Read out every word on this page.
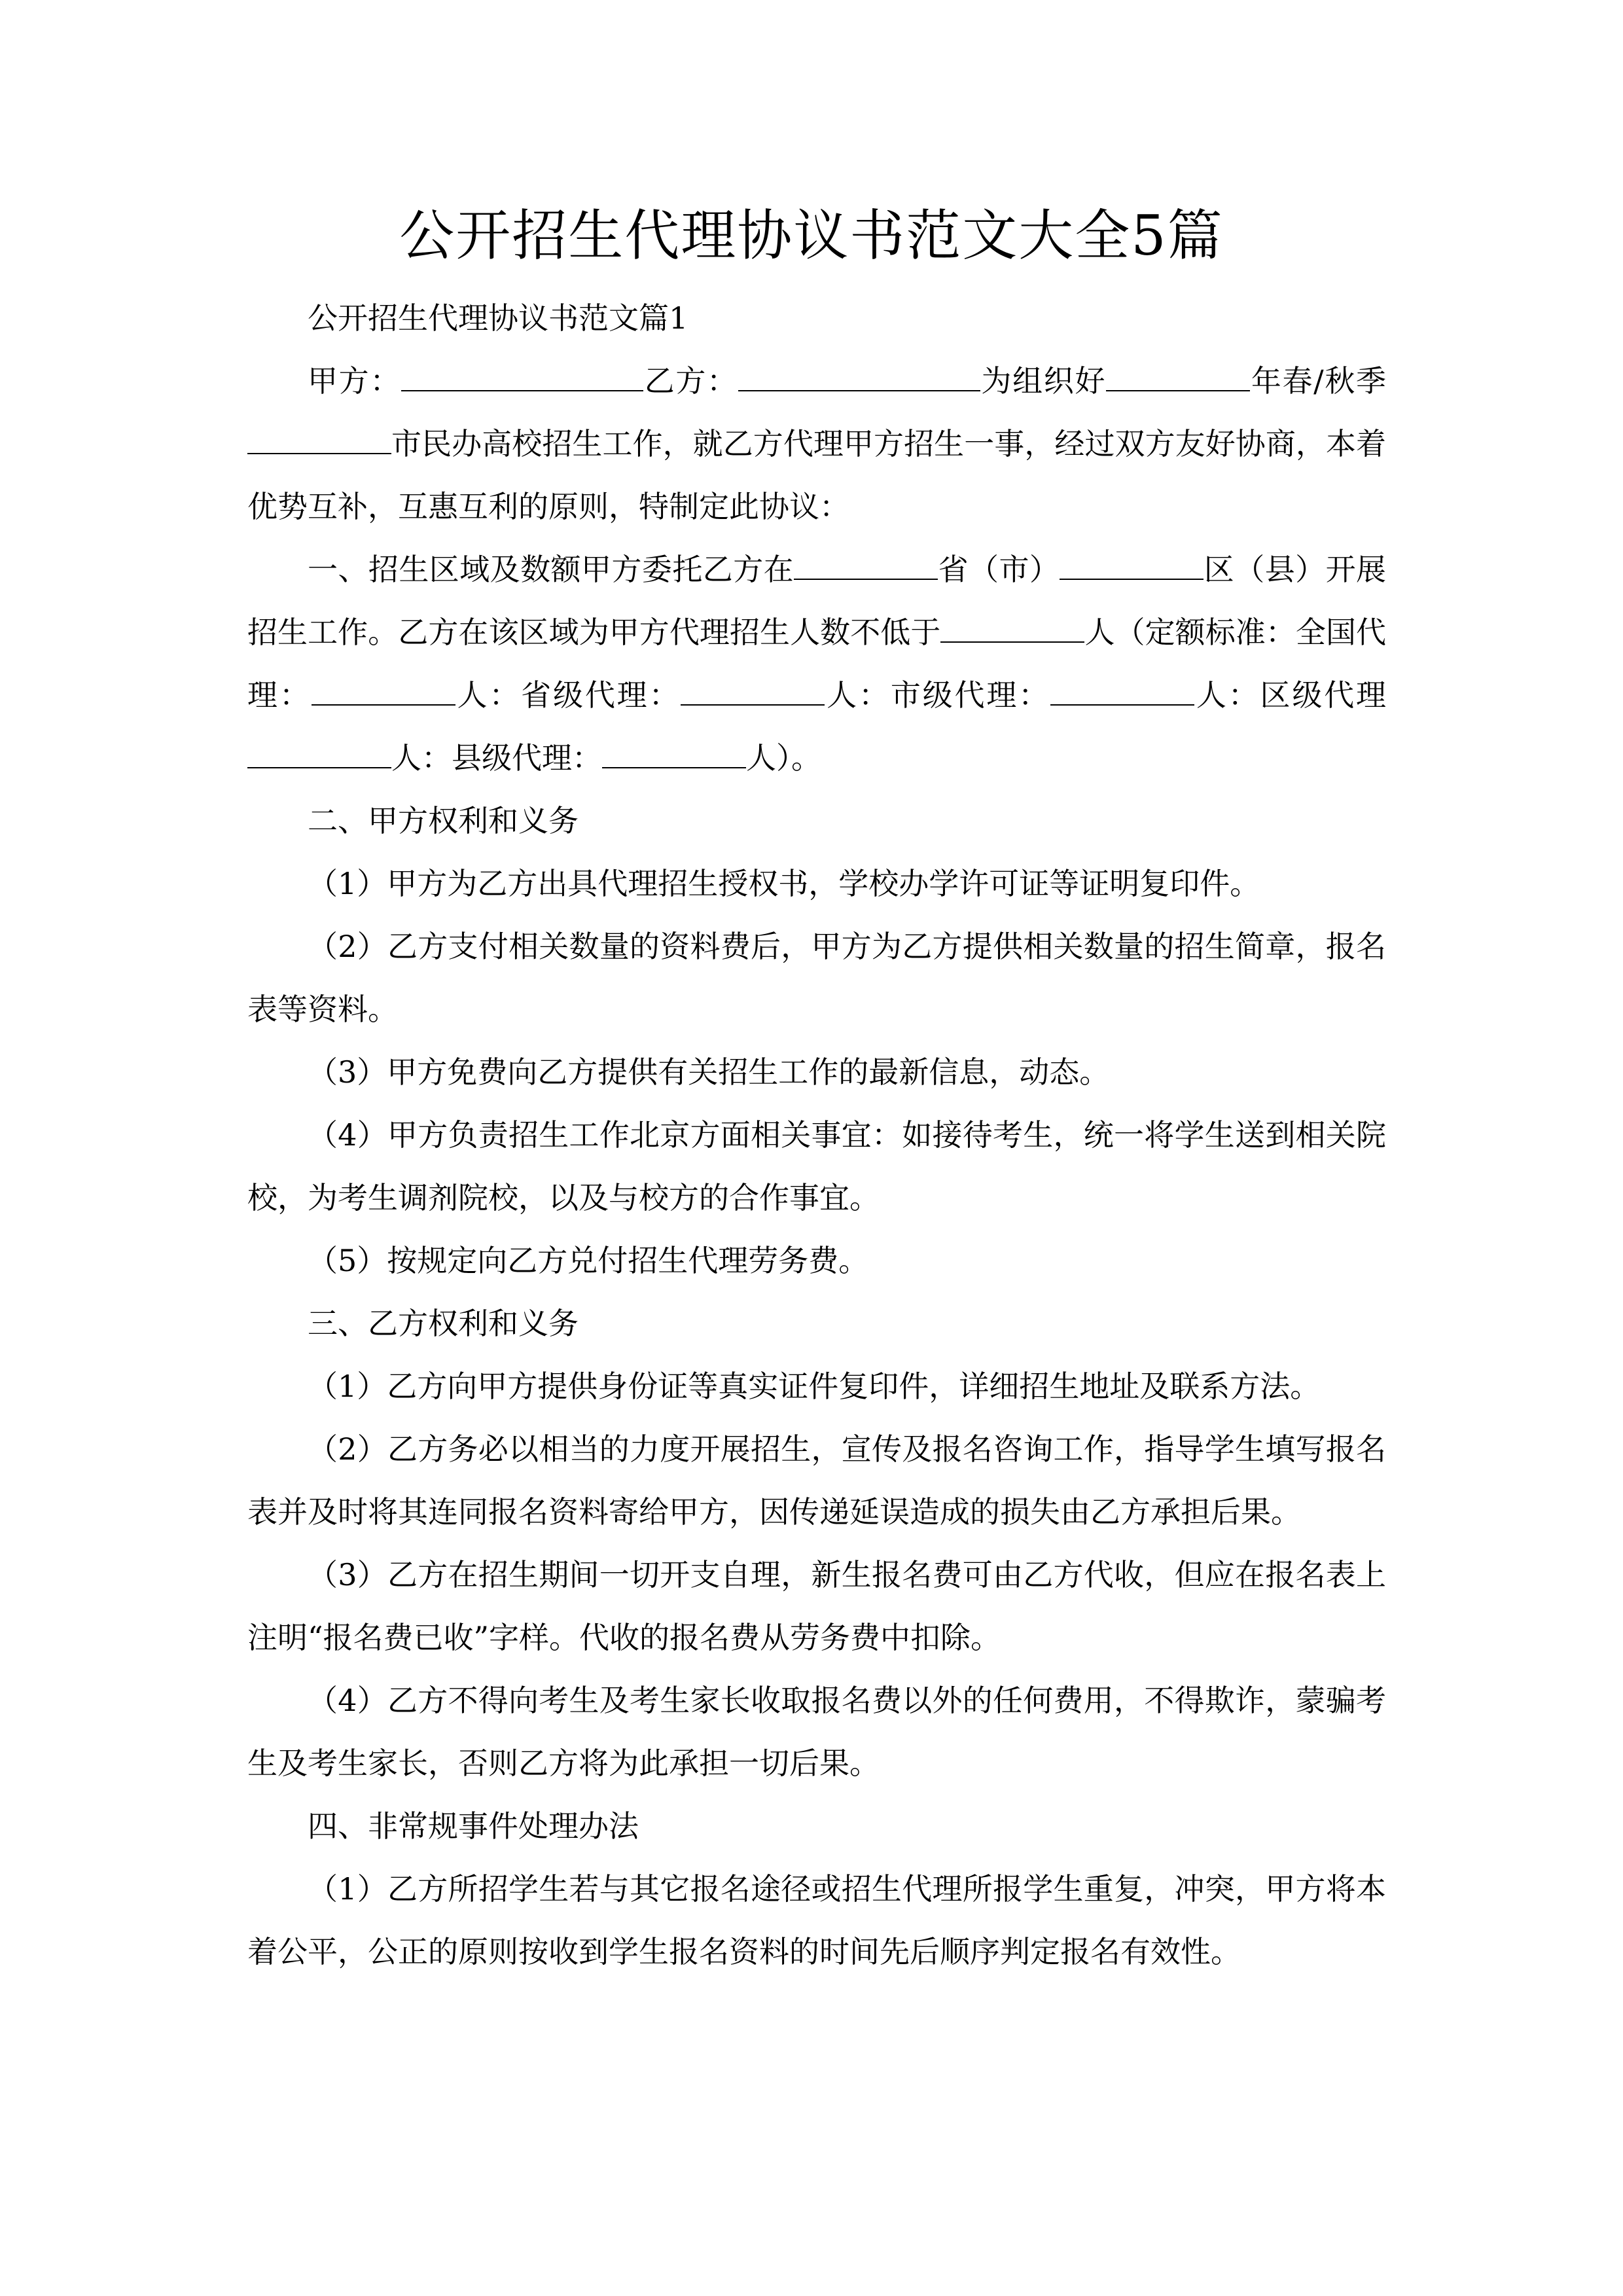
公开招生代理协议书范文大全5篇

公开招生代理协议书范文篇1

甲方：	乙方：	为组织好	年春/秋季市民办高校招生工作，就乙方代理甲方招生一事，经过双方友好协商，本着优势互补，互惠互利的原则，特制定此协议：

一、招生区域及数额甲方委托乙方在	省（市）	区（县）开展招生工作。乙方在该区域为甲方代理招生人数不低于	人（定额标准：全国代理：	人：省级代理：	人：市级代理：	人：区级代理人：县级代理：	人）。

二、甲方权利和义务

（1）甲方为乙方出具代理招生授权书，学校办学许可证等证明复印件。

（2）乙方支付相关数量的资料费后，甲方为乙方提供相关数量的招生简章，报名表等资料。

（3）甲方免费向乙方提供有关招生工作的最新信息，动态。

（4）甲方负责招生工作北京方面相关事宜：如接待考生，统一将学生送到相关院校，为考生调剂院校，以及与校方的合作事宜。

（5）按规定向乙方兑付招生代理劳务费。

三、乙方权利和义务

（1）乙方向甲方提供身份证等真实证件复印件，详细招生地址及联系方法。

（2）乙方务必以相当的力度开展招生，宣传及报名咨询工作，指导学生填写报名表并及时将其连同报名资料寄给甲方，因传递延误造成的损失由乙方承担后果。

（3）乙方在招生期间一切开支自理，新生报名费可由乙方代收，但应在报名表上注明“报名费已收”字样。代收的报名费从劳务费中扣除。

（4）乙方不得向考生及考生家长收取报名费以外的任何费用，不得欺诈，蒙骗考生及考生家长，否则乙方将为此承担一切后果。

四、非常规事件处理办法

（1）乙方所招学生若与其它报名途径或招生代理所报学生重复，冲突，甲方将本着公平，公正的原则按收到学生报名资料的时间先后顺序判定报名有效性。
